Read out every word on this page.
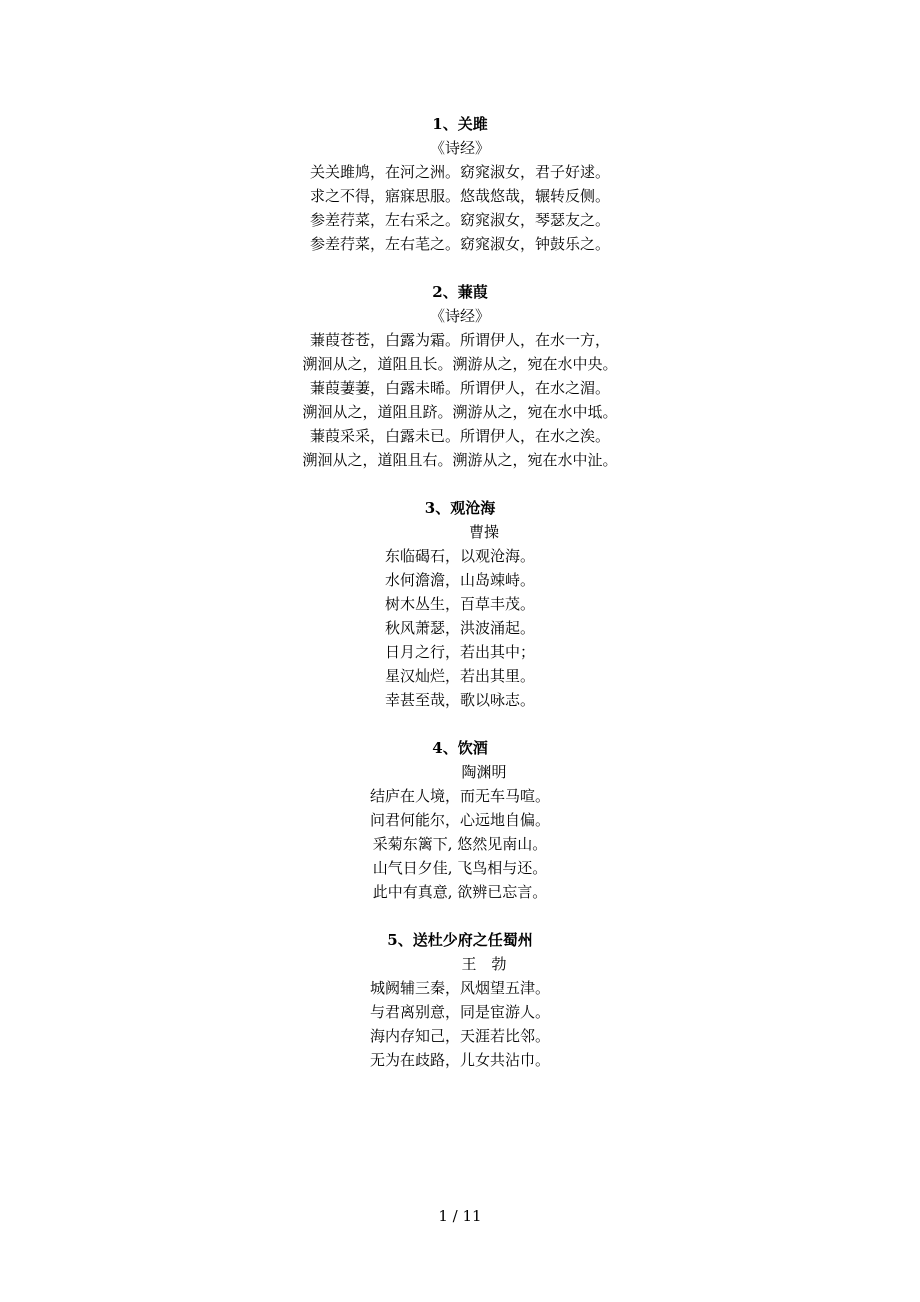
1、关雎
《诗经》
关关雎鸠，在河之洲。窈窕淑女，君子好逑。
求之不得，寤寐思服。悠哉悠哉，辗转反侧。
参差荇菜，左右采之。窈窕淑女，琴瑟友之。
参差荇菜，左右芼之。窈窕淑女，钟鼓乐之。
2、蒹葭
《诗经》
蒹葭苍苍，白露为霜。所谓伊人，在水一方，
溯洄从之，道阻且长。溯游从之，宛在水中央。
蒹葭萋萋，白露未晞。所谓伊人，在水之湄。
溯洄从之，道阻且跻。溯游从之，宛在水中坻。
蒹葭采采，白露未已。所谓伊人，在水之涘。
溯洄从之，道阻且右。溯游从之，宛在水中沚。
3、观沧海
曹操
东临碣石，以观沧海。
水何澹澹，山岛竦峙。
树木丛生，百草丰茂。
秋风萧瑟，洪波涌起。
日月之行，若出其中；
星汉灿烂，若出其里。
幸甚至哉，歌以咏志。
4、饮酒
陶渊明
结庐在人境，而无车马喧。
问君何能尔，心远地自偏。
采菊东篱下, 悠然见南山。
山气日夕佳, 飞鸟相与还。
此中有真意, 欲辨已忘言。
5、送杜少府之任蜀州
王　勃
城阙辅三秦，风烟望五津。
与君离别意，同是宦游人。
海内存知己，天涯若比邻。
无为在歧路，儿女共沾巾。
1 / 11
